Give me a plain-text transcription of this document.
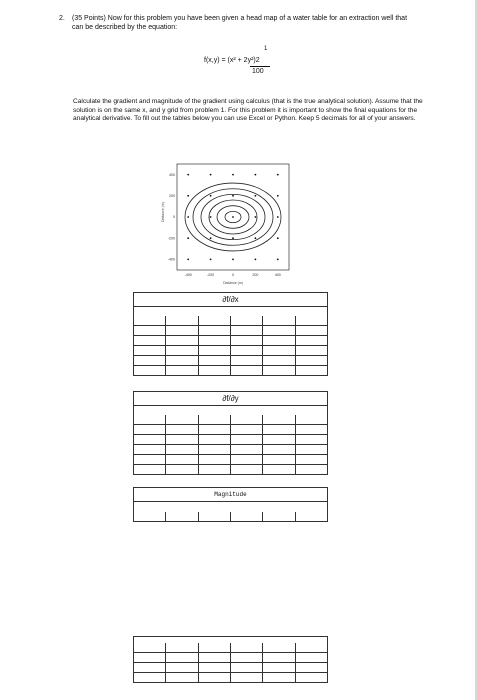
2. (35 Points) Now for this problem you have been given a head map of a water table for an extraction well that can be described by the equation:
1
f(x,y) = (x² + 2y²)2
100
Calculate the gradient and magnitude of the gradient using calculus (that is the true analytical solution). Assume that the solution is on the same x, and y grid from problem 1. For this problem it is important to show the final equations for the analytical derivative. To fill out the tables below you can use Excel or Python. Keep 5 decimals for all of your answers.
Distance (m)
Distance (m)
-400	-200	0	200	400
400
200
0
-200
-400
∂f/∂x
∂f/∂y
Magnitude
